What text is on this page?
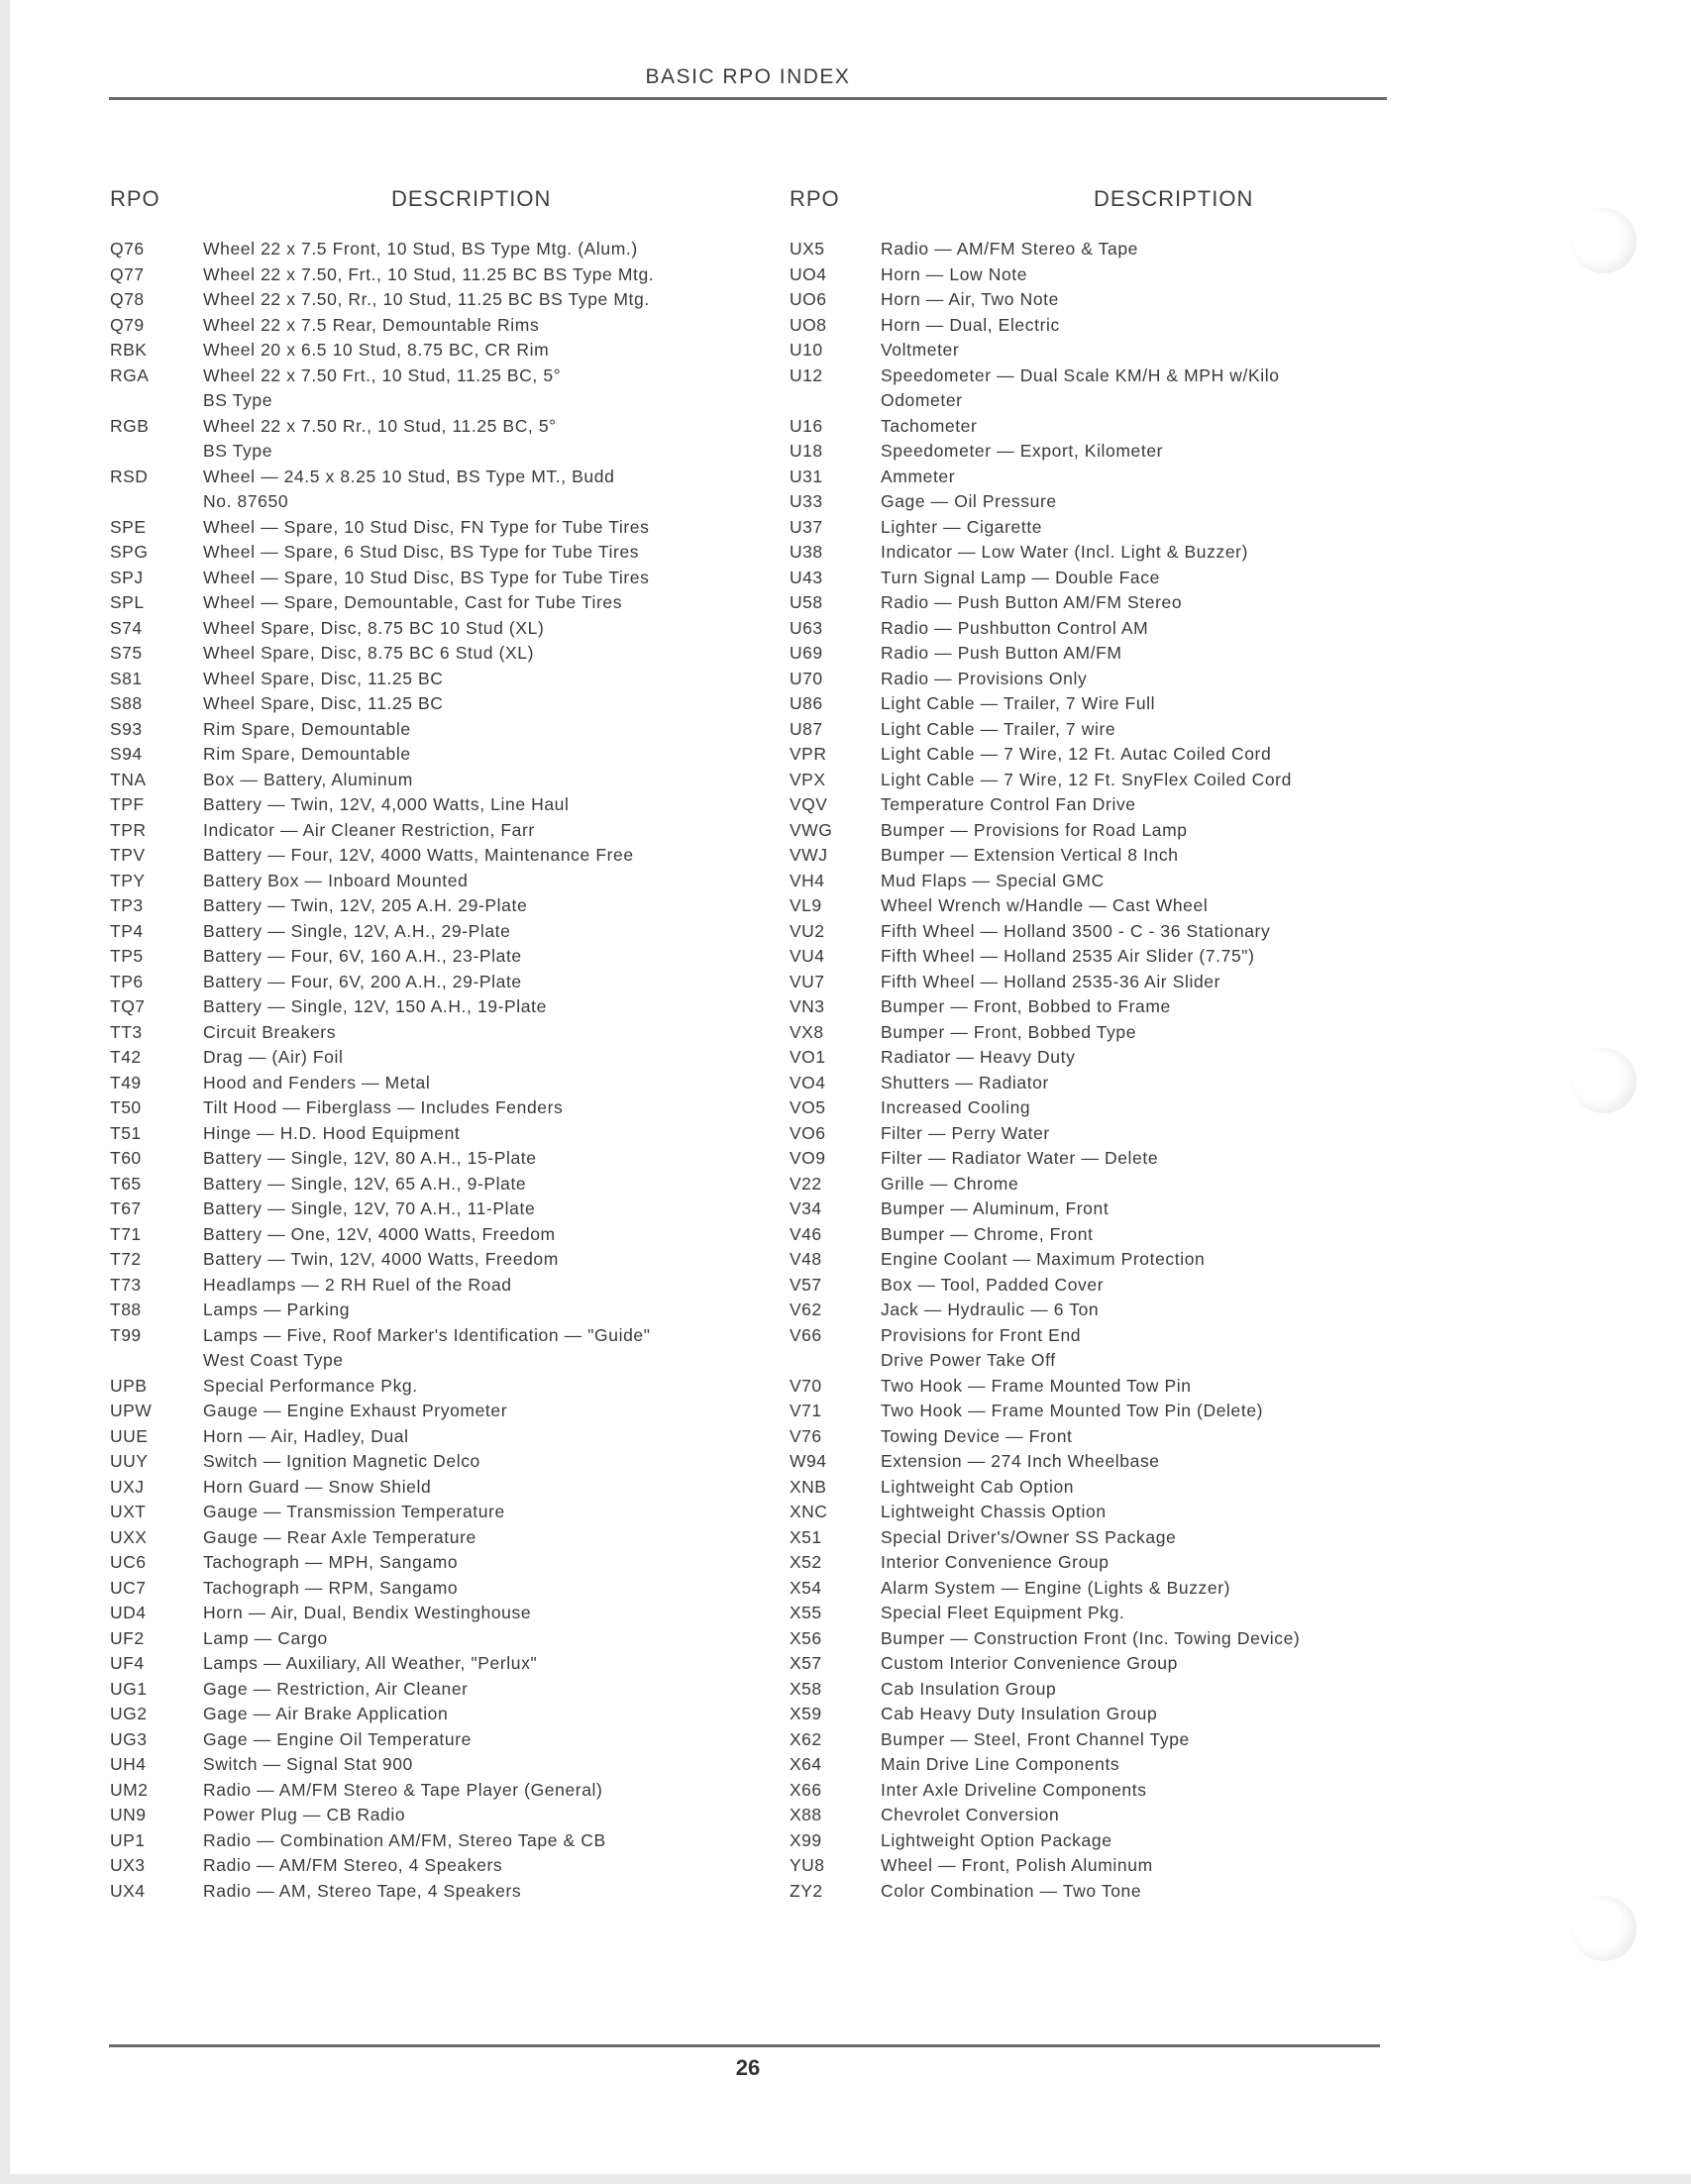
BASIC RPO INDEX
RPO	DESCRIPTION	RPO	DESCRIPTION
Q76	Wheel 22 x 7.5 Front, 10 Stud, BS Type Mtg. (Alum.)
Q77	Wheel 22 x 7.50, Frt., 10 Stud, 11.25 BC BS Type Mtg.
Q78	Wheel 22 x 7.50, Rr., 10 Stud, 11.25 BC BS Type Mtg.
Q79	Wheel 22 x 7.5 Rear, Demountable Rims
RBK	Wheel 20 x 6.5 10 Stud, 8.75 BC, CR Rim
RGA	Wheel 22 x 7.50 Frt., 10 Stud, 11.25 BC, 5°
BS Type
RGB	Wheel 22 x 7.50 Rr., 10 Stud, 11.25 BC, 5°
BS Type
RSD	Wheel — 24.5 x 8.25 10 Stud, BS Type MT., Budd
No. 87650
SPE	Wheel — Spare, 10 Stud Disc, FN Type for Tube Tires
SPG	Wheel — Spare, 6 Stud Disc, BS Type for Tube Tires
SPJ	Wheel — Spare, 10 Stud Disc, BS Type for Tube Tires
SPL	Wheel — Spare, Demountable, Cast for Tube Tires
S74	Wheel Spare, Disc, 8.75 BC 10 Stud (XL)
S75	Wheel Spare, Disc, 8.75 BC 6 Stud (XL)
S81	Wheel Spare, Disc, 11.25 BC
S88	Wheel Spare, Disc, 11.25 BC
S93	Rim Spare, Demountable
S94	Rim Spare, Demountable
TNA	Box — Battery, Aluminum
TPF	Battery — Twin, 12V, 4,000 Watts, Line Haul
TPR	Indicator — Air Cleaner Restriction, Farr
TPV	Battery — Four, 12V, 4000 Watts, Maintenance Free
TPY	Battery Box — Inboard Mounted
TP3	Battery — Twin, 12V, 205 A.H. 29-Plate
TP4	Battery — Single, 12V, A.H., 29-Plate
TP5	Battery — Four, 6V, 160 A.H., 23-Plate
TP6	Battery — Four, 6V, 200 A.H., 29-Plate
TQ7	Battery — Single, 12V, 150 A.H., 19-Plate
TT3	Circuit Breakers
T42	Drag — (Air) Foil
T49	Hood and Fenders — Metal
T50	Tilt Hood — Fiberglass — Includes Fenders
T51	Hinge — H.D. Hood Equipment
T60	Battery — Single, 12V, 80 A.H., 15-Plate
T65	Battery — Single, 12V, 65 A.H., 9-Plate
T67	Battery — Single, 12V, 70 A.H., 11-Plate
T71	Battery — One, 12V, 4000 Watts, Freedom
T72	Battery — Twin, 12V, 4000 Watts, Freedom
T73	Headlamps — 2 RH Ruel of the Road
T88	Lamps — Parking
T99	Lamps — Five, Roof Marker's Identification — "Guide"
West Coast Type
UPB	Special Performance Pkg.
UPW	Gauge — Engine Exhaust Pryometer
UUE	Horn — Air, Hadley, Dual
UUY	Switch — Ignition Magnetic Delco
UXJ	Horn Guard — Snow Shield
UXT	Gauge — Transmission Temperature
UXX	Gauge — Rear Axle Temperature
UC6	Tachograph — MPH, Sangamo
UC7	Tachograph — RPM, Sangamo
UD4	Horn — Air, Dual, Bendix Westinghouse
UF2	Lamp — Cargo
UF4	Lamps — Auxiliary, All Weather, "Perlux"
UG1	Gage — Restriction, Air Cleaner
UG2	Gage — Air Brake Application
UG3	Gage — Engine Oil Temperature
UH4	Switch — Signal Stat 900
UM2	Radio — AM/FM Stereo & Tape Player (General)
UN9	Power Plug — CB Radio
UP1	Radio — Combination AM/FM, Stereo Tape & CB
UX3	Radio — AM/FM Stereo, 4 Speakers
UX4	Radio — AM, Stereo Tape, 4 Speakers
UX5	Radio — AM/FM Stereo & Tape
UO4	Horn — Low Note
UO6	Horn — Air, Two Note
UO8	Horn — Dual, Electric
U10	Voltmeter
U12	Speedometer — Dual Scale KM/H & MPH w/Kilo
Odometer
U16	Tachometer
U18	Speedometer — Export, Kilometer
U31	Ammeter
U33	Gage — Oil Pressure
U37	Lighter — Cigarette
U38	Indicator — Low Water (Incl. Light & Buzzer)
U43	Turn Signal Lamp — Double Face
U58	Radio — Push Button AM/FM Stereo
U63	Radio — Pushbutton Control AM
U69	Radio — Push Button AM/FM
U70	Radio — Provisions Only
U86	Light Cable — Trailer, 7 Wire Full
U87	Light Cable — Trailer, 7 wire
VPR	Light Cable — 7 Wire, 12 Ft. Autac Coiled Cord
VPX	Light Cable — 7 Wire, 12 Ft. SnyFlex Coiled Cord
VQV	Temperature Control Fan Drive
VWG	Bumper — Provisions for Road Lamp
VWJ	Bumper — Extension Vertical 8 Inch
VH4	Mud Flaps — Special GMC
VL9	Wheel Wrench w/Handle — Cast Wheel
VU2	Fifth Wheel — Holland 3500 - C - 36 Stationary
VU4	Fifth Wheel — Holland 2535 Air Slider (7.75")
VU7	Fifth Wheel — Holland 2535-36 Air Slider
VN3	Bumper — Front, Bobbed to Frame
VX8	Bumper — Front, Bobbed Type
VO1	Radiator — Heavy Duty
VO4	Shutters — Radiator
VO5	Increased Cooling
VO6	Filter — Perry Water
VO9	Filter — Radiator Water — Delete
V22	Grille — Chrome
V34	Bumper — Aluminum, Front
V46	Bumper — Chrome, Front
V48	Engine Coolant — Maximum Protection
V57	Box — Tool, Padded Cover
V62	Jack — Hydraulic — 6 Ton
V66	Provisions for Front End
Drive Power Take Off
V70	Two Hook — Frame Mounted Tow Pin
V71	Two Hook — Frame Mounted Tow Pin (Delete)
V76	Towing Device — Front
W94	Extension — 274 Inch Wheelbase
XNB	Lightweight Cab Option
XNC	Lightweight Chassis Option
X51	Special Driver's/Owner SS Package
X52	Interior Convenience Group
X54	Alarm System — Engine (Lights & Buzzer)
X55	Special Fleet Equipment Pkg.
X56	Bumper — Construction Front (Inc. Towing Device)
X57	Custom Interior Convenience Group
X58	Cab Insulation Group
X59	Cab Heavy Duty Insulation Group
X62	Bumper — Steel, Front Channel Type
X64	Main Drive Line Components
X66	Inter Axle Driveline Components
X88	Chevrolet Conversion
X99	Lightweight Option Package
YU8	Wheel — Front, Polish Aluminum
ZY2	Color Combination — Two Tone
26
